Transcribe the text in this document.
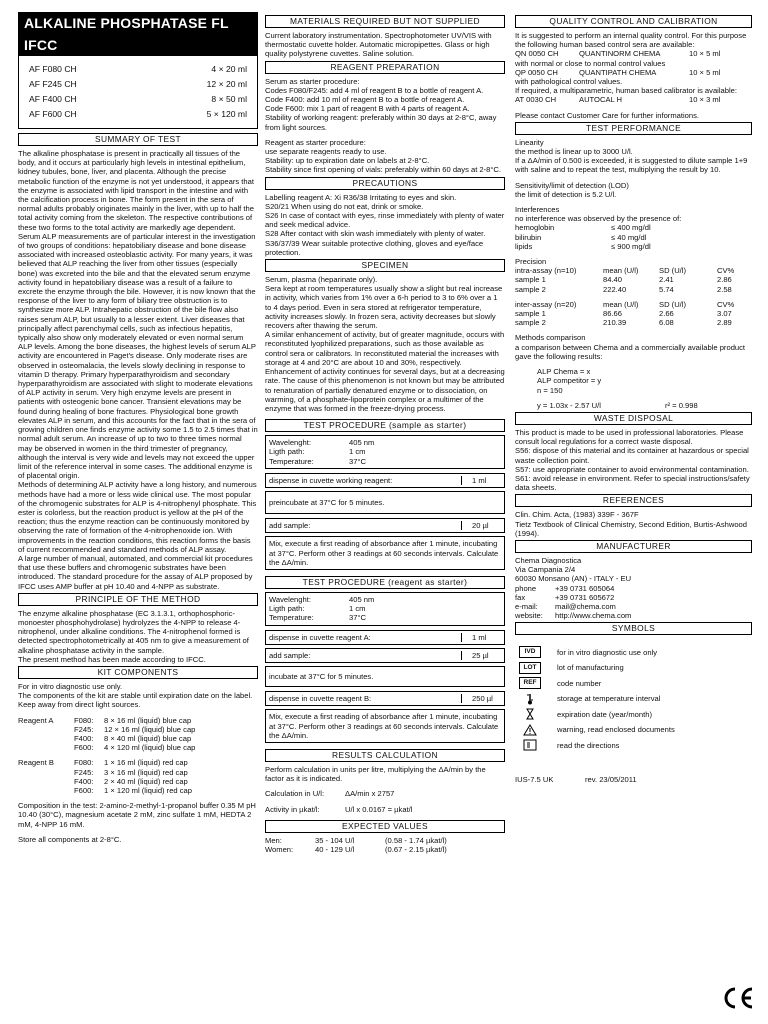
ALKALINE PHOSPHATASE FL IFCC
AF F080 CH	4 × 20 ml
AF F245 CH	12 × 20 ml
AF F400 CH	8 × 50 ml
AF F600 CH	5 × 120 ml
SUMMARY OF TEST

The alkaline phosphatase is present in practically all tissues of the body, and it occurs at particularly high levels in intestinal epithelium, kidney tubules, bone, liver, and placenta. Although the precise metabolic function of the enzyme is not yet understood, it appears that the enzyme is associated with lipid transport in the intestine and with the calcification process in bone. The form present in the sera of normal adults probably originates mainly in the liver, with up to half the total activity coming from the skeleton. The respective contributions of these two forms to the total activity are markedly age dependent. Serum ALP measurements are of particular interest in the investigation of two groups of conditions: hepatobiliary disease and bone disease associated with increased osteoblastic activity. For many years, it was believed that ALP reaching the liver from other tissues (especially bone) was excreted into the bile and that the elevated serum enzyme activity found in hepatobiliary disease was a result of a failure to excrete the enzyme through the bile. However, it is now known that the response of the liver to any form of biliary tree obstruction is to synthesize more ALP. Intrahepatic obstruction of the bile flow also raises serum ALP, but usually to a lesser extent. Liver diseases that principally affect parenchymal cells, such as infectious hepatitis, typically also show only moderately elevated or even normal serum ALP levels. Among the bone diseases, the highest levels of serum ALP activity are encountered in Paget's disease. Only moderate rises are observed in osteomalacia, the levels slowly declining in response to vitamin D therapy. Primary hyperparathyroidism and secondary hyperparathyroidism are associated with slight to moderate elevations of ALP activity in serum. Very high enzyme levels are present in patients with osteogenic bone cancer. Transient elevations may be found during healing of bone fractures. Physiological bone growth elevates ALP in serum, and this accounts for the fact that in the sera of growing children one finds enzyme activity some 1.5 to 2.5 times that in normal adult serum. An increase of up to two to three times normal may be observed in women in the third trimester of pregnancy, although the interval is very wide and levels may not exceed the upper limit of the reference interval in some cases. The additional enzyme is of placental origin.

Methods of determining ALP activity have a long history, and numerous methods have had a more or less wide clinical use. The most popular of the chromogenic substrates for ALP is 4-nitrophenyl phosphate. This ester is colorless, but the reaction product is yellow at the pH of the reaction; thus the enzyme reaction can be continuously monitored by observing the rate of formation of the 4-nitrophenoxide ion. With improvements in the reaction conditions, this reaction forms the basis of current recommended and standard methods of ALP assay.

A large number of manual, automated, and commercial kit procedures that use these buffers and chromogenic substrates have been introduced. The standard procedure for the assay of ALP proposed by IFCC uses AMP buffer at pH 10.40 and 4-NPP as substrate.

PRINCIPLE OF THE METHOD

The enzyme alkaline phosphatase (EC 3.1.3.1, orthophosphoric-monoester phosphohydrolase) hydrolyzes the 4-NPP to release 4-nitrophenol, under alkaline conditions. The 4-nitrophenol formed is detected spectrophotometrically at 405 nm to give a measurement of alkaline phosphatase activity in the sample.

The present method has been made according to IFCC.

KIT COMPONENTS

For in vitro diagnostic use only.

The components of the kit are stable until expiration date on the label.

Keep away from direct light sources.

Reagent A	F080:	8 × 16 ml (liquid) blue cap
F245:	12 × 16 ml (liquid) blue cap
F400:	8 × 40 ml (liquid) blue cap
F600:	4 × 120 ml (liquid) blue cap
Reagent B	F080:	1 × 16 ml (liquid) red cap
F245:	3 × 16 ml (liquid) red cap
F400:	2 × 40 ml (liquid) red cap
F600:	1 × 120 ml (liquid) red cap

Composition in the test: 2-amino-2-methyl-1-propanol buffer 0.35 M pH 10.40 (30°C), magnesium acetate 2 mM, zinc sulfate 1 mM, HEDTA 2 mM, 4-NPP 16 mM.

Store all components at 2-8°C.

MATERIALS REQUIRED BUT NOT SUPPLIED

Current laboratory instrumentation. Spectrophotometer UV/VIS with thermostatic cuvette holder. Automatic micropipettes. Glass or high quality polystyrene cuvettes. Saline solution.

REAGENT PREPARATION

Serum as starter procedure:

Codes F080/F245: add 4 ml of reagent B to a bottle of reagent A.

Code F400: add 10 ml of reagent B to a bottle of reagent A.

Code F600: mix 1 part of reagent B with 4 parts of reagent A.

Stability of working reagent: preferably within 30 days at 2-8°C, away from light sources.

Reagent as starter procedure:

use separate reagents ready to use.

Stability: up to expiration date on labels at 2-8°C.

Stability since first opening of vials: preferably within 60 days at 2-8°C.

PRECAUTIONS

Labelling reagent A: Xi R36/38 Irritating to eyes and skin.

S20/21 When using do not eat, drink or smoke.

S26 In case of contact with eyes, rinse immediately with plenty of water and seek medical advice.

S28 After contact with skin wash immediately with plenty of water.

S36/37/39 Wear suitable protective clothing, gloves and eye/face protection.

SPECIMEN

Serum, plasma (heparinate only).

Sera kept at room temperatures usually show a slight but real increase in activity, which varies from 1% over a 6-h period to 3 to 6% over a 1 to 4 days period. Even in sera stored at refrigerator temperature, activity increases slowly. In frozen sera, activity decreases but slowly recovers after thawing the serum.

A similar enhancement of activity, but of greater magnitude, occurs with reconstituted lyophilized preparations, such as those available as control sera or calibrators. In reconstituted material the increases with storage at 4 and 20°C are about 10 and 30%, respectively. Enhancement of activity continues for several days, but at a decreasing rate. The cause of this phenomenon is not known but may be attributed to renaturation of partially denatured enzyme or to dissociation, on warming, of a phosphate-lipoprotein complex or a multimer of the enzyme that was formed in the freeze-drying process.

TEST PROCEDURE (sample as starter)
Wavelenght:	405 nm
Ligth path:	1 cm
Temperature:	37°C
dispense in cuvette working reagent:	1 ml
preincubate at 37°C for 5 minutes.
add sample:	20 µl
Mix, execute a first reading of absorbance after 1 minute, incubating at 37°C. Perform other 3 readings at 60 seconds intervals. Calculate the ΔA/min.
TEST PROCEDURE (reagent as starter)
Wavelenght:	405 nm
Ligth path:	1 cm
Temperature:	37°C
dispense in cuvette reagent A:	1 ml
add sample:	25 µl
incubate at 37°C for 5 minutes.
dispense in cuvette reagent B:	250 µl
Mix, execute a first reading of absorbance after 1 minute, incubating at 37°C. Perform other 3 readings at 60 seconds intervals. Calculate the ΔA/min.
RESULTS CALCULATION

Perform calculation in units per litre, multiplying the ΔA/min by the factor as it is indicated.

Calculation in U/l:	ΔA/min x 2757
Activity in µkat/l:	U/l x 0.0167 = µkat/l
EXPECTED VALUES
Men:	35 - 104 U/l	(0.58 - 1.74 µkat/l)
Women:	40 - 129 U/l	(0.67 - 2.15 µkat/l)
QUALITY CONTROL AND CALIBRATION

It is suggested to perform an internal quality control. For this purpose the following human based control sera are available:

QN 0050 CH	QUANTINORM CHEMA	10 × 5 ml

with normal or close to normal control values

QP 0050 CH	QUANTIPATH CHEMA	10 × 5 ml

with pathological control values.

If required, a multiparametric, human based calibrator is available:

AT 0030 CH	AUTOCAL H	10 × 3 ml

Please contact Customer Care for further informations.

TEST PERFORMANCE

Linearity

the method is linear up to 3000 U/l.

If a ΔA/min of 0.500 is exceeded, it is suggested to dilute sample 1+9 with saline and to repeat the test, multiplying the result by 10.

Sensitivity/limit of detection (LOD)

the limit of detection is 5.2 U/l.

Interferences

no interference was observed by the presence of:

hemoglobin	≤ 400 mg/dl
bilirubin	≤ 40 mg/dl
lipids	≤ 900 mg/dl

Precision

intra-assay (n=10)	mean (U/l)	SD (U/l)	CV%
sample 1	84.40	2.41	2.86
sample 2	222.40	5.74	2.58
inter-assay (n=20)	mean (U/l)	SD (U/l)	CV%
sample 1	86.66	2.66	3.07
sample 2	210.39	6.08	2.89

Methods comparison

a comparison between Chema and a commercially available product gave the following results:

ALP Chema = x

ALP competitor = y

n = 150

y = 1.03x - 2.57 U/l	r² = 0.998
WASTE DISPOSAL

This product is made to be used in professional laboratories. Please consult local regulations for a correct waste disposal.

S56: dispose of this material and its container at hazardous or special waste collection point.

S57: use appropriate container to avoid environmental contamination.

S61: avoid release in environment. Refer to special instructions/safety data sheets.

REFERENCES

Clin. Chim. Acta, (1983) 339F - 367F

Tietz Textbook of Clinical Chemistry, Second Edition, Burtis-Ashwood (1994).

MANUFACTURER

Chema Diagnostica

Via Campania 2/4

60030 Monsano (AN) - ITALY - EU

phone	+39 0731 605064
fax	+39 0731 605672
e-mail:	mail@chema.com
website:	http://www.chema.com
SYMBOLS
IVD	for in vitro diagnostic use only
LOT	lot of manufacturing
REF	code number
storage at temperature interval
expiration date (year/month)
warning, read enclosed documents
read the directions
IUS-7.5 UK	rev. 23/05/2011
